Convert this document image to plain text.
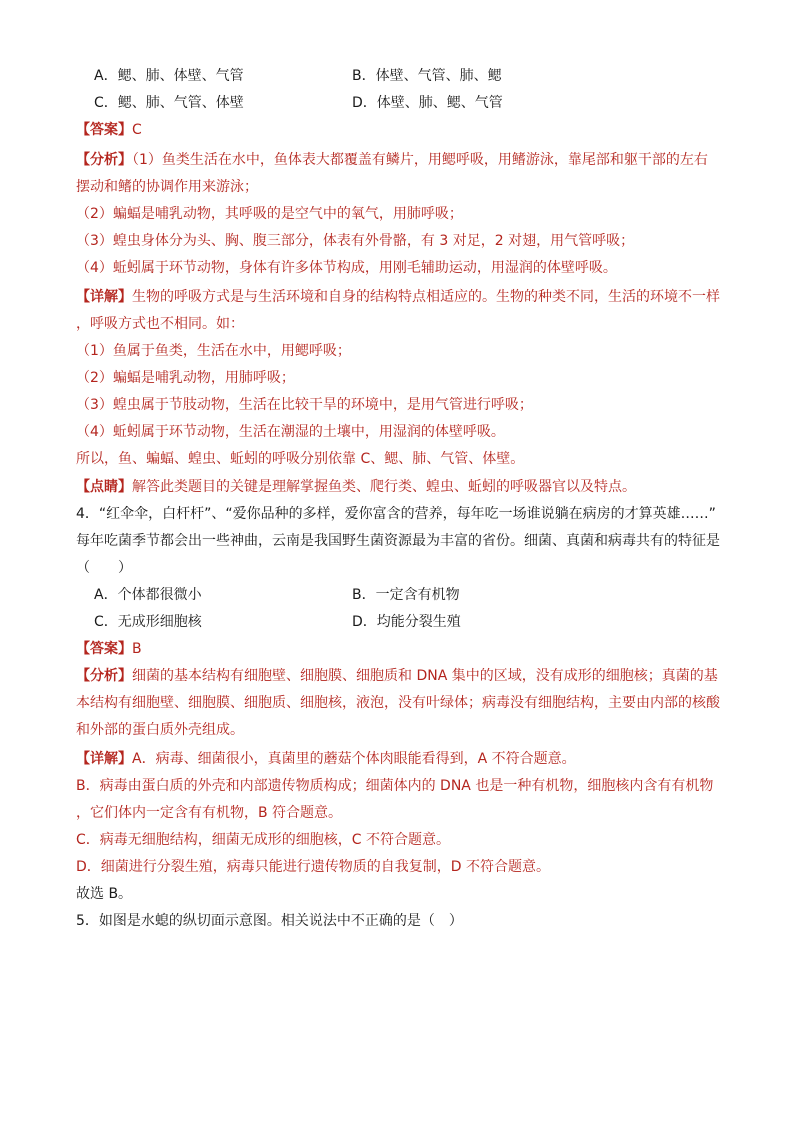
A．鳃、肺、体壁、气管	B．体壁、气管、肺、鳃
C．鳃、肺、气管、体壁	D．体壁、肺、鳃、气管
【答案】C
【分析】（1）鱼类生活在水中，鱼体表大都覆盖有鳞片，用鳃呼吸，用鳍游泳，靠尾部和躯干部的左右
摆动和鳍的协调作用来游泳；
（2）蝙蝠是哺乳动物，其呼吸的是空气中的氧气，用肺呼吸；
（3）蝗虫身体分为头、胸、腹三部分，体表有外骨骼，有 3 对足，2 对翅，用气管呼吸；
（4）蚯蚓属于环节动物，身体有许多体节构成，用刚毛辅助运动，用湿润的体壁呼吸。
【详解】生物的呼吸方式是与生活环境和自身的结构特点相适应的。生物的种类不同，生活的环境不一样
，呼吸方式也不相同。如：
（1）鱼属于鱼类，生活在水中，用鳃呼吸；
（2）蝙蝠是哺乳动物，用肺呼吸；
（3）蝗虫属于节肢动物，生活在比较干旱的环境中，是用气管进行呼吸；
（4）蚯蚓属于环节动物，生活在潮湿的土壤中，用湿润的体壁呼吸。
所以，鱼、蝙蝠、蝗虫、蚯蚓的呼吸分别依靠 C、鳃、肺、气管、体壁。
【点睛】解答此类题目的关键是理解掌握鱼类、爬行类、蝗虫、蚯蚓的呼吸器官以及特点。
4．“红伞伞，白杆杆”、“爱你品种的多样，爱你富含的营养，每年吃一场谁说躺在病房的才算英雄……”
每年吃菌季节都会出一些神曲，云南是我国野生菌资源最为丰富的省份。细菌、真菌和病毒共有的特征是
（　　）
A．个体都很微小	B．一定含有机物
C．无成形细胞核	D．均能分裂生殖
【答案】B
【分析】细菌的基本结构有细胞壁、细胞膜、细胞质和 DNA 集中的区域，没有成形的细胞核；真菌的基
本结构有细胞壁、细胞膜、细胞质、细胞核，液泡，没有叶绿体；病毒没有细胞结构，主要由内部的核酸
和外部的蛋白质外壳组成。
【详解】A．病毒、细菌很小，真菌里的蘑菇个体肉眼能看得到，A 不符合题意。
B．病毒由蛋白质的外壳和内部遗传物质构成；细菌体内的 DNA 也是一种有机物，细胞核内含有有机物
，它们体内一定含有有机物，B 符合题意。
C．病毒无细胞结构，细菌无成形的细胞核，C 不符合题意。
D．细菌进行分裂生殖，病毒只能进行遗传物质的自我复制，D 不符合题意。
故选 B。
5．如图是水螅的纵切面示意图。相关说法中不正确的是（　）
